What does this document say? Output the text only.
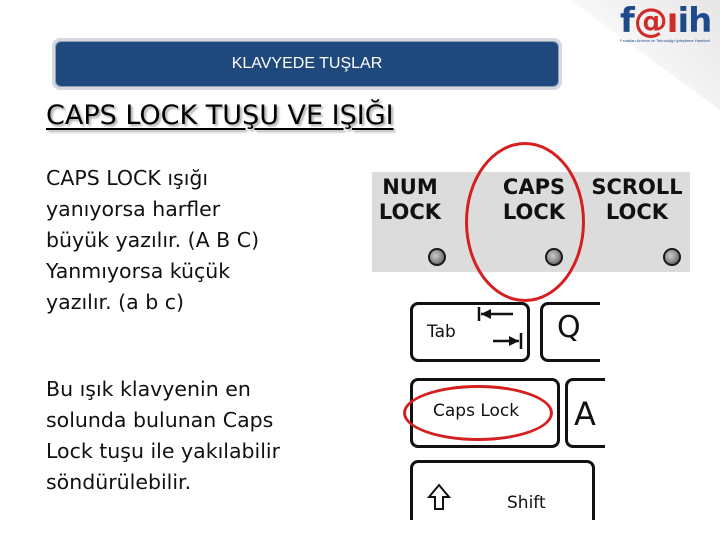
f@ıih
Fırsatları Artırma ve Teknolojiyi İyileştirme Hareketi
KLAVYEDE TUŞLAR
CAPS LOCK TUŞU VE IŞIĞI
CAPS LOCK ışığı
yanıyorsa harfler
büyük yazılır. (A B C)
Yanmıyorsa küçük
yazılır. (a b c)
Bu ışık klavyenin en
solunda bulunan Caps
Lock tuşu ile yakılabilir
söndürülebilir.
NUM
LOCK
CAPS
LOCK
SCROLL
LOCK
Tab	Q
Caps Lock A
Shift
